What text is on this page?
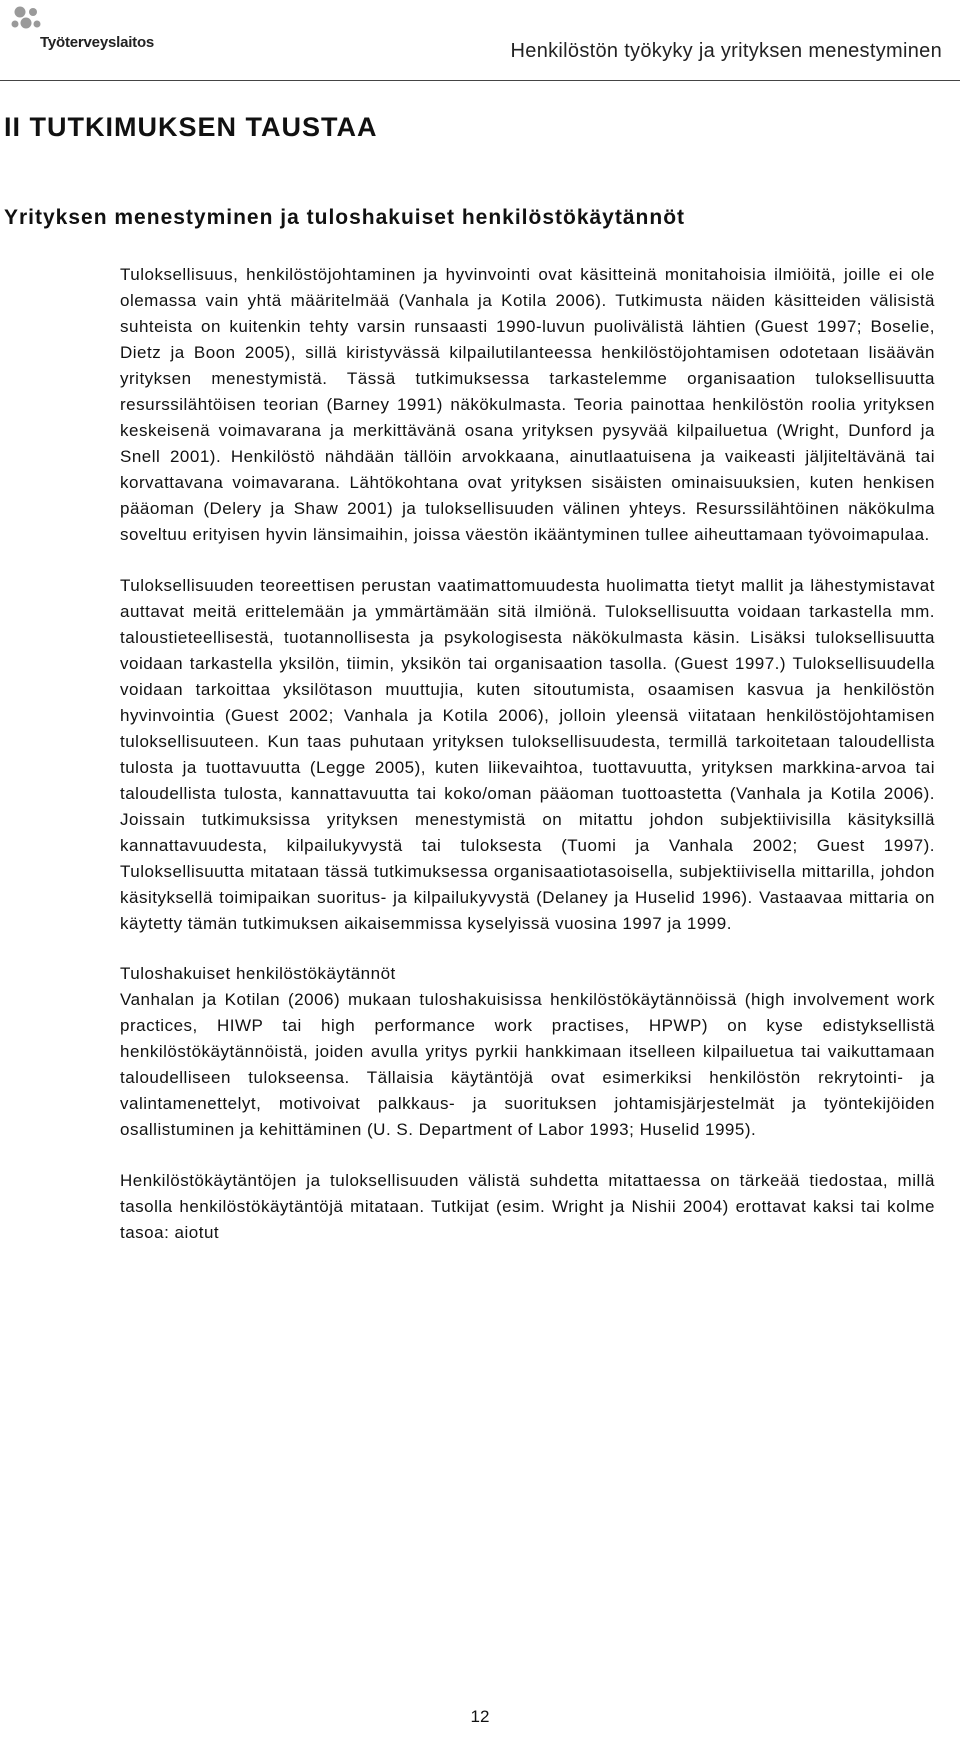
Työterveyslaitos	Henkilöstön työkyky ja yrityksen menestyminen
II TUTKIMUKSEN TAUSTAA
Yrityksen menestyminen ja tuloshakuiset henkilöstökäytännöt

Tuloksellisuus, henkilöstöjohtaminen ja hyvinvointi ovat käsitteinä monitahoisia ilmiöitä, joille ei ole olemassa vain yhtä määritelmää (Vanhala ja Kotila 2006). Tutkimusta näiden käsitteiden välisistä suhteista on kuitenkin tehty varsin runsaasti 1990-luvun puolivälistä lähtien (Guest 1997; Boselie, Dietz ja Boon 2005), sillä kiristyvässä kilpailutilanteessa henkilöstöjohtamisen odotetaan lisäävän yrityksen menestymistä. Tässä tutkimuksessa tarkastelemme organisaation tuloksellisuutta resurssilähtöisen teorian (Barney 1991) näkökulmasta. Teoria painottaa henkilöstön roolia yrityksen keskeisenä voimavarana ja merkittävänä osana yrityksen pysyvää kilpailuetua (Wright, Dunford ja Snell 2001). Henkilöstö nähdään tällöin arvokkaana, ainutlaatuisena ja vaikeasti jäljiteltävänä tai korvattavana voimavarana. Lähtökohtana ovat yrityksen sisäisten ominaisuuksien, kuten henkisen pääoman (Delery ja Shaw 2001) ja tuloksellisuuden välinen yhteys. Resurssilähtöinen näkökulma soveltuu erityisen hyvin länsimaihin, joissa väestön ikääntyminen tullee aiheuttamaan työvoimapulaa.

Tuloksellisuuden teoreettisen perustan vaatimattomuudesta huolimatta tietyt mallit ja lähestymistavat auttavat meitä erittelemään ja ymmärtämään sitä ilmiönä. Tuloksellisuutta voidaan tarkastella mm. taloustieteellisestä, tuotannollisesta ja psykologisesta näkökulmasta käsin. Lisäksi tuloksellisuutta voidaan tarkastella yksilön, tiimin, yksikön tai organisaation tasolla. (Guest 1997.) Tuloksellisuudella voidaan tarkoittaa yksilötason muuttujia, kuten sitoutumista, osaamisen kasvua ja henkilöstön hyvinvointia (Guest 2002; Vanhala ja Kotila 2006), jolloin yleensä viitataan henkilöstöjohtamisen tuloksellisuuteen. Kun taas puhutaan yrityksen tuloksellisuudesta, termillä tarkoitetaan taloudellista tulosta ja tuottavuutta (Legge 2005), kuten liikevaihtoa, tuottavuutta, yrityksen markkina-arvoa tai taloudellista tulosta, kannattavuutta tai koko/oman pääoman tuottoastetta (Vanhala ja Kotila 2006). Joissain tutkimuksissa yrityksen menestymistä on mitattu johdon subjektiivisilla käsityksillä kannattavuudesta, kilpailukyvystä tai tuloksesta (Tuomi ja Vanhala 2002; Guest 1997). Tuloksellisuutta mitataan tässä tutkimuksessa organisaatiotasoisella, subjektiivisella mittarilla, johdon käsityksellä toimipaikan suoritus- ja kilpailukyvystä (Delaney ja Huselid 1996). Vastaavaa mittaria on käytetty tämän tutkimuksen aikaisemmissa kyselyissä vuosina 1997 ja 1999.

Tuloshakuiset henkilöstökäytännöt

Vanhalan ja Kotilan (2006) mukaan tuloshakuisissa henkilöstökäytännöissä (high involvement work practices, HIWP tai high performance work practises, HPWP) on kyse edistyksellistä henkilöstökäytännöistä, joiden avulla yritys pyrkii hankkimaan itselleen kilpailuetua tai vaikuttamaan taloudelliseen tulokseensa. Tällaisia käytäntöjä ovat esimerkiksi henkilöstön rekrytointi- ja valintamenettelyt, motivoivat palkkaus- ja suorituksen johtamisjärjestelmät ja työntekijöiden osallistuminen ja kehittäminen (U. S. Department of Labor 1993; Huselid 1995).

Henkilöstökäytäntöjen ja tuloksellisuuden välistä suhdetta mitattaessa on tärkeää tiedostaa, millä tasolla henkilöstökäytäntöjä mitataan. Tutkijat (esim. Wright ja Nishii 2004) erottavat kaksi tai kolme tasoa: aiotut

12
